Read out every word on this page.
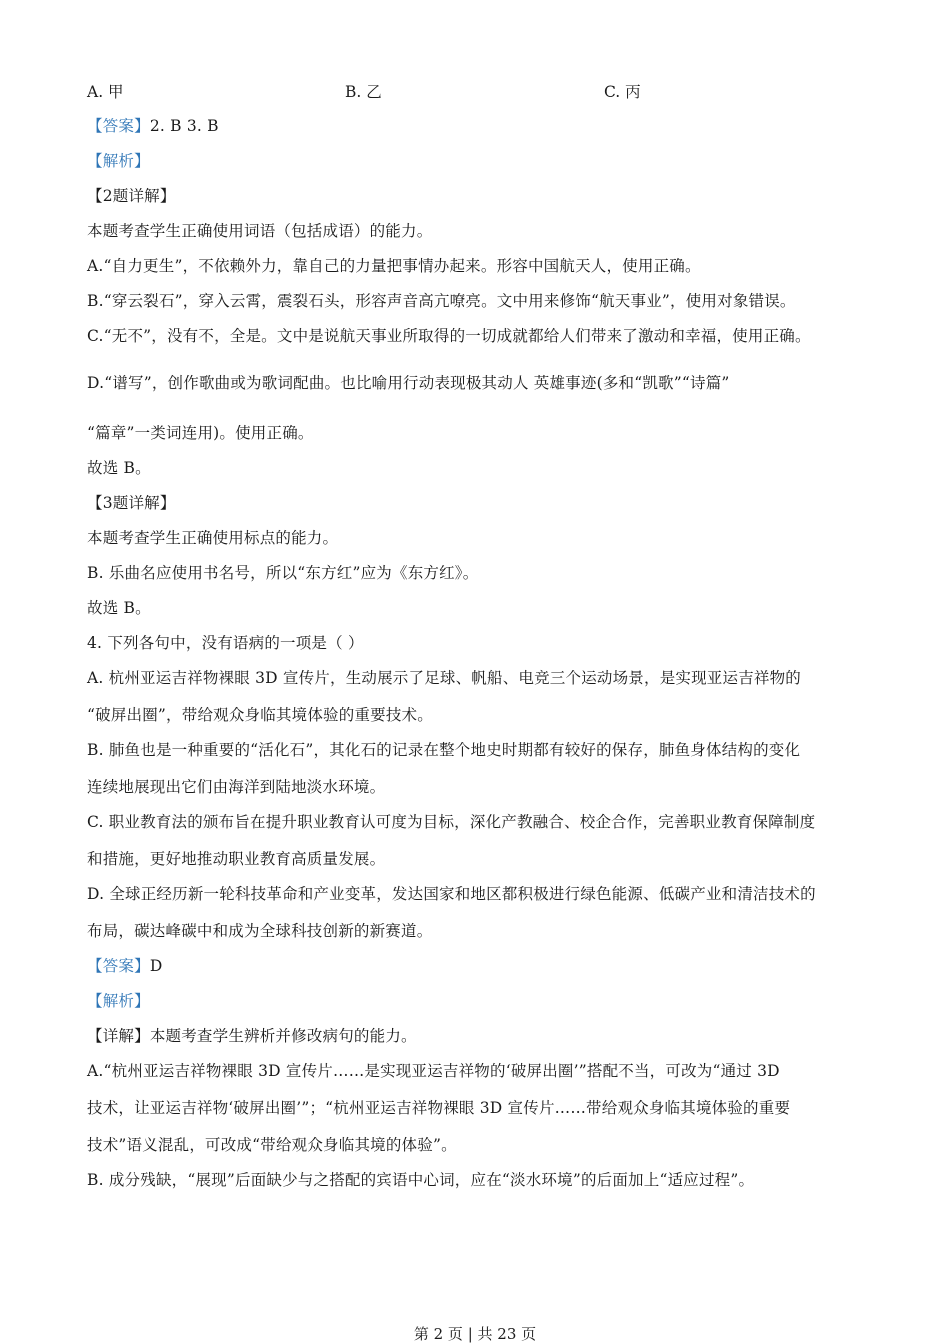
A. 甲	B. 乙	C. 丙
【答案】2. B 3. B
【解析】
【2题详解】
本题考查学生正确使用词语（包括成语）的能力。
A.“自力更生”，不依赖外力，靠自己的力量把事情办起来。形容中国航天人，使用正确。
B.“穿云裂石”，穿入云霄，震裂石头，形容声音高亢嘹亮。文中用来修饰“航天事业”，使用对象错误。
C.“无不”，没有不，全是。文中是说航天事业所取得的一切成就都给人们带来了激动和幸福，使用正确。
D.“谱写”，创作歌曲或为歌词配曲。也比喻用行动表现极其动人 英雄事迹(多和“凯歌”“诗篇”
“篇章”一类词连用)。使用正确。
故选 B。
【3题详解】
本题考查学生正确使用标点的能力。
B. 乐曲名应使用书名号，所以“东方红”应为《东方红》。
故选 B。
4. 下列各句中，没有语病的一项是（ ）
A. 杭州亚运吉祥物裸眼 3D 宣传片，生动展示了足球、帆船、电竞三个运动场景，是实现亚运吉祥物的
“破屏出圈”，带给观众身临其境体验的重要技术。
B. 肺鱼也是一种重要的“活化石”，其化石的记录在整个地史时期都有较好的保存，肺鱼身体结构的变化
连续地展现出它们由海洋到陆地淡水环境。
C. 职业教育法的颁布旨在提升职业教育认可度为目标，深化产教融合、校企合作，完善职业教育保障制度
和措施，更好地推动职业教育高质量发展。
D. 全球正经历新一轮科技革命和产业变革，发达国家和地区都积极进行绿色能源、低碳产业和清洁技术的
布局，碳达峰碳中和成为全球科技创新的新赛道。
【答案】D
【解析】
【详解】本题考查学生辨析并修改病句的能力。
A.“杭州亚运吉祥物裸眼 3D 宣传片……是实现亚运吉祥物的‘破屏出圈’”搭配不当，可改为“通过 3D
技术，让亚运吉祥物‘破屏出圈’”；“杭州亚运吉祥物裸眼 3D 宣传片……带给观众身临其境体验的重要
技术”语义混乱，可改成“带给观众身临其境的体验”。
B. 成分残缺，“展现”后面缺少与之搭配的宾语中心词，应在“淡水环境”的后面加上“适应过程”。
第 2 页 | 共 23 页
